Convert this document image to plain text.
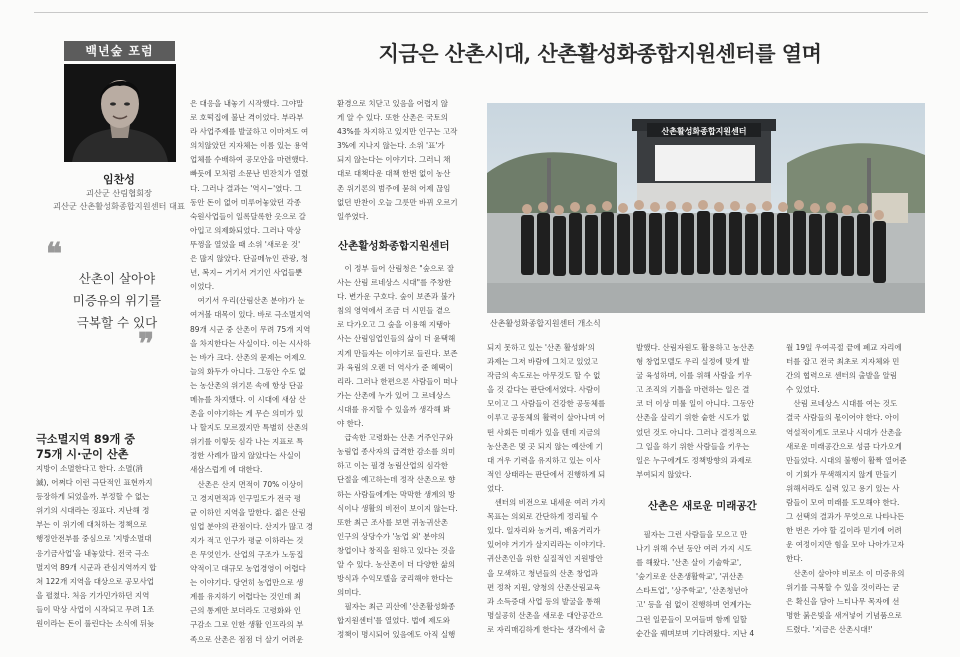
백년숲 포럼
임찬성
괴산군 산림협회장
괴산군 산촌활성화종합지원센터 대표
❝
산촌이 살아야
미증유의 위기를
극복할 수 있다
❞
극소멸지역 89개 중
75개 시·군이 산촌
지방이 소멸한다고 한다. 소멸(消
滅), 어쩌다 이런 극단적인 표현까지
등장하게 되었을까. 부정할 수 없는
위기의 시대라는 징표다. 지난해 정
부는 이 위기에 대처하는 정책으로
행정안전부를 중심으로 '지방소멸대
응기금사업'을 내놓았다. 전국 극소
멸지역 89개 시군과 관심지역까지 합
쳐 122개 지역을 대상으로 공모사업
을 펼쳤다. 처음 기가민가하던 지역
들이 막상 사업이 시작되고 무려 1조
원이라는 돈이 풀린다는 소식에 뒤늦
지금은 산촌시대, 산촌활성화종합지원센터를 열며
은 대응을 내놓기 시작했다. 그야말
로 호떡집에 불난 격이었다. 부라부
라 사업주제를 발굴하고 이마저도 여
의치않았던 지자체는 이름 있는 용역
업체를 수배하여 공모안을 마련했다.
빠듯에 모처럼 소문난 빈잔치가 열렸
다. 그러나 결과는 '역시~'였다. 그
동안 돈이 없어 미루어놓았던 각종
숙원사업들이 일록달록한 옷으로 갈
아입고 의제화되었다. 그러나 막상
뚜껑을 열었을 때 소위 '새로운 것'
은 많지 않았다. 단골메뉴인 관광, 청
년, 복지~ 거기서 거기인 사업들뿐
이었다.
　여기서 우리(산림산촌 분야)가 눈
여겨볼 대목이 있다. 바로 극소멸지역
89개 시군 중 산촌이 무려 75개 지역
을 차지한다는 사실이다. 이는 시사하
는 바가 크다. 산촌의 문제는 어제오
늘의 화두가 아니다. 그동안 수도 없
는 농산촌의 위기론 속에 항상 단골
메뉴를 차지했다. 이 시대에 새삼 산
촌을 이야기하는 게 무슨 의미가 있
나 할지도 모르겠지만 특별히 산촌의
위기를 이렇듯 심각 나는 지표로 특
정한 사례가 많지 않았다는 사실이
새삼스럽게 에 대한다.
　산촌은 산지 면적이 70% 이상이
고 경지면적과 인구밀도가 전국 평
균 이하인 지역을 말한다. 젊은 산림
임업 분야의 관점이다. 산지가 많고 경
지가 적고 인구가 평균 이하라는 것
은 무엇인가. 산업의 구조가 노동집
약적이고 대규모 농업경영이 어렵다
는 이야기다. 당연히 농업만으로 생
계를 유지하기 어렵다는 것인데 최
근의 통계만 보더라도 고령화와 인
구감소 그로 인한 생활 인프라의 부
족으로 산촌은 점점 더 살기 어려운
환경으로 치닫고 있음을 어렵지 않
게 알 수 있다. 또한 산촌은 국토의
43%를 차지하고 있지만 인구는 고작
3%에 지나지 않는다. 소위 '표'가
되지 않는다는 이야기다. 그러니 채
대로 대책다운 대책 한번 없이 농산
촌 위기론의 범주에 묻혀 어제 끊임
없던 반찬이 오늘 그릇만 바뀌 오르기
일쑤였다.
산촌활성화종합지원센터
　이 정부 들어 산림청은 "숲으로 잘
사는 산림 르네상스 시대"를 주창한
다. 변가운 구호다. 숲이 보존과 불가
침의 영역에서 조금 더 시민들 곁으
로 다가오고 그 숲을 이용해 지탱아
사는 산림임업인들의 삶이 더 윤택해
지게 만들자는 이야기로 들린다. 보존
과 육림의 오랜 더 역사가 준 혜택이
리라. 그러나 한편으론 사람들이 떠나
가는 산촌에 누가 있어 그 르네상스
시대를 유지할 수 있을까 생각해 봐
야 한다.
　급속한 고령화는 산촌 거주인구와
농림업 종사자의 급격한 감소를 의미
하고 이는 필경 농림산업의 심각한
단절을 예고하는데 정작 산촌으로 향
하는 사람들에게는 막막한 생계의 방
식이나 생활의 비전이 보이지 않는다.
또한 최근 조사를 보면 귀농귀산촌
인구의 상당수가 '농업 외' 분야의
창업이나 창직을 원하고 있다는 것을
알 수 있다. 농산촌이 더 다양한 삶의
방식과 수익모델을 궁리해야 한다는
의미다.
　필자는 최근 괴산에 '산촌활성화종
합지원센터'를 열었다. 법에 제도와
정책이 명시되어 있음에도 아직 실행
산촌활성화종합지원센터
산촌활성화종합지원센터 개소식
되지 못하고 있는 '산촌 활성화'의
과제는 그저 바람에 그치고 있었고
작금의 속도로는 아무것도 할 수 없
을 것 같다는 판단에서였다. 사람이
모이고 그 사람들이 건강한 공동체를
이루고 공동체의 활력이 살아나며 어
떤 사회든 미래가 있을 텐데 지금의
농산촌은 몇 곳 되지 않는 예산에 기
대 겨우 기력을 유지하고 있는 이사
적인 상태라는 판단에서 진행하게 되
었다.
　센터의 비전으로 내세운 여러 가지
목표는 의외로 간단하게 정리될 수
있다. 일자리와 농거리, 배움거리가
있어야 거기가 살지리라는 이야기다.
귀산촌인을 위한 실질적인 지원방안
을 모색하고 청년들의 산촌 창업과
편 정착 지원, 양청의 산촌산림교육
과 소득증대 사업 등의 발굴을 통해
명실공히 산촌을 새로운 대안공간으
로 자리매김하게 한다는 생각에서 출
발했다. 산림자원도 활용하고 농산촌
형 창업모델도 우리 실정에 맞게 발
굴 육성하며, 이를 위해 사람을 키우
고 조직의 기틀을 마련하는 일은 결
코 더 이상 미룰 일이 아니다. 그동안
산촌을 살리기 위한 숱한 시도가 없
었던 것도 아니다. 그러나 결정적으로
그 일을 하기 위한 사람들을 키우는
일은 누구에게도 정책방향의 과제로
부여되지 않았다.
산촌은 새로운 미래공간
　필자는 그런 사람들을 모으고 만
나기 위해 수년 동안 여러 가지 시도
를 해왔다. '산촌 살이 기술학교',
'숲기로운 산촌생활학교', '귀산촌
스타트업', '상주학교', '산촌청년아
고' 등을 쉼 없이 진행하며 연계가는
그런 일꾼들이 모여들며 함께 일할
순간을 꿰며보며 기다려왔다. 지난 4
월 19일 우여곡절 끝에 폐교 자리에
터를 잡고 전국 최초로 지자체와 민
간의 협력으로 센터의 출발을 알림
수 있었다.
　산림 르네상스 시대를 여는 것도
결국 사람들의 몫이어야 한다. 아이
역설적이게도 코로나 시대가 산촌을
새로운 미래공간으로 성큼 다가오게
만들었다. 시대의 불행이 활짝 열어준
이 기회가 무색해지지 않게 만들기
위해서라도 실력 있고 용기 있는 사
람들이 모여 미래를 도모해야 한다.
그 선택의 결과가 무엇으로 나타나든
한 번은 가야 할 길이라 믿기에 어려
운 여정이지만 힘을 모아 나아가고자
한다.
　산촌이 살아야 비로소 이 미증유의
위기를 극복할 수 있을 것이라는 굳
은 확신을 담아 느티나무 목자에 선
명한 붉은빛을 새겨넣어 기념품으로
드렸다. '지금은 산촌시대!'
